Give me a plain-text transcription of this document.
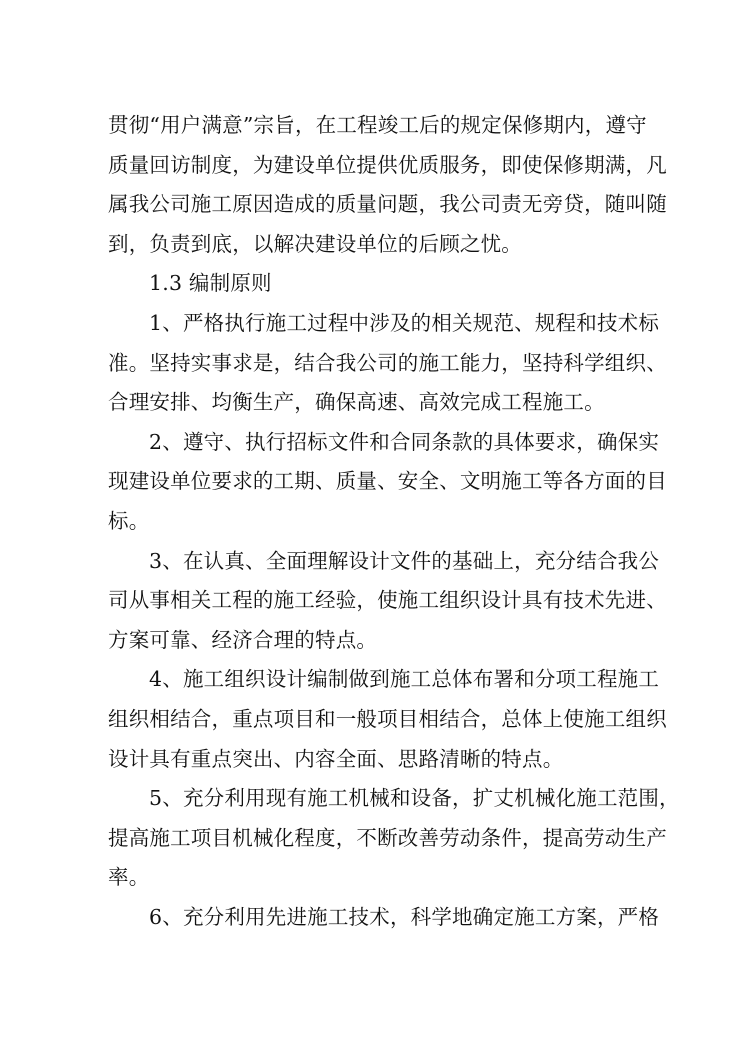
贯彻“用户满意”宗旨，在工程竣工后的规定保修期内，遵守
质量回访制度，为建设单位提供优质服务，即使保修期满，凡
属我公司施工原因造成的质量问题，我公司责无旁贷，随叫随
到，负责到底，以解决建设单位的后顾之忧。
1.3 编制原则
1、严格执行施工过程中涉及的相关规范、规程和技术标
准。坚持实事求是，结合我公司的施工能力，坚持科学组织、
合理安排、均衡生产，确保高速、高效完成工程施工。
2、遵守、执行招标文件和合同条款的具体要求，确保实
现建设单位要求的工期、质量、安全、文明施工等各方面的目
标。
3、在认真、全面理解设计文件的基础上，充分结合我公
司从事相关工程的施工经验，使施工组织设计具有技术先进、
方案可靠、经济合理的特点。
4、施工组织设计编制做到施工总体布署和分项工程施工
组织相结合，重点项目和一般项目相结合，总体上使施工组织
设计具有重点突出、内容全面、思路清晰的特点。
5、充分利用现有施工机械和设备，扩丈机械化施工范围，
提高施工项目机械化程度，不断改善劳动条件，提高劳动生产
率。
6、充分利用先进施工技术，科学地确定施工方案，严格
